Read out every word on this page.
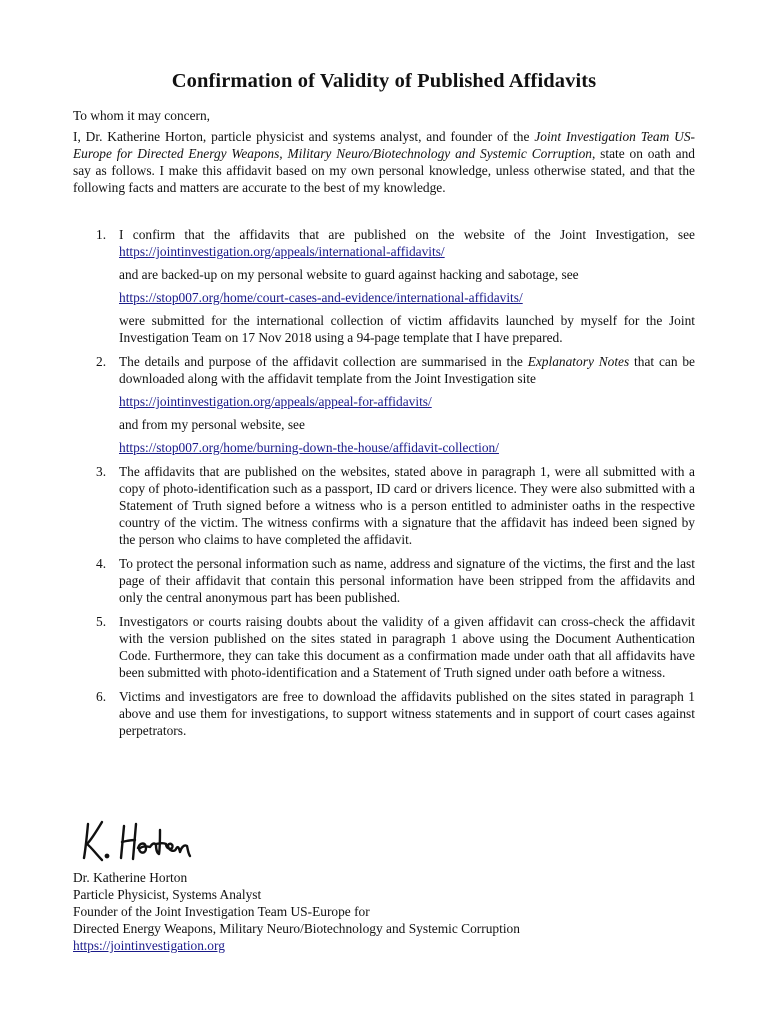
Confirmation of Validity of Published Affidavits

To whom it may concern,

I, Dr. Katherine Horton, particle physicist and systems analyst, and founder of the Joint Investigation Team US-Europe for Directed Energy Weapons, Military Neuro/Biotechnology and Systemic Corruption, state on oath and say as follows. I make this affidavit based on my own personal knowledge, unless otherwise stated, and that the following facts and matters are accurate to the best of my knowledge.

1. I confirm that the affidavits that are published on the website of the Joint Investigation, see https://jointinvestigation.org/appeals/international-affidavits/

and are backed-up on my personal website to guard against hacking and sabotage, see

https://stop007.org/home/court-cases-and-evidence/international-affidavits/

were submitted for the international collection of victim affidavits launched by myself for the Joint Investigation Team on 17 Nov 2018 using a 94-page template that I have prepared.

2. The details and purpose of the affidavit collection are summarised in the Explanatory Notes that can be downloaded along with the affidavit template from the Joint Investigation site

https://jointinvestigation.org/appeals/appeal-for-affidavits/

and from my personal website, see

https://stop007.org/home/burning-down-the-house/affidavit-collection/

3. The affidavits that are published on the websites, stated above in paragraph 1, were all submitted with a copy of photo-identification such as a passport, ID card or drivers licence. They were also submitted with a Statement of Truth signed before a witness who is a person entitled to administer oaths in the respective country of the victim. The witness confirms with a signature that the affidavit has indeed been signed by the person who claims to have completed the affidavit.

4. To protect the personal information such as name, address and signature of the victims, the first and the last page of their affidavit that contain this personal information have been stripped from the affidavits and only the central anonymous part has been published.

5. Investigators or courts raising doubts about the validity of a given affidavit can cross-check the affidavit with the version published on the sites stated in paragraph 1 above using the Document Authentication Code. Furthermore, they can take this document as a confirmation made under oath that all affidavits have been submitted with photo-identification and a Statement of Truth signed under oath before a witness.

6. Victims and investigators are free to download the affidavits published on the sites stated in paragraph 1 above and use them for investigations, to support witness statements and in support of court cases against perpetrators.

Dr. Katherine Horton

Particle Physicist, Systems Analyst

Founder of the Joint Investigation Team US-Europe for

Directed Energy Weapons, Military Neuro/Biotechnology and Systemic Corruption

https://jointinvestigation.org
